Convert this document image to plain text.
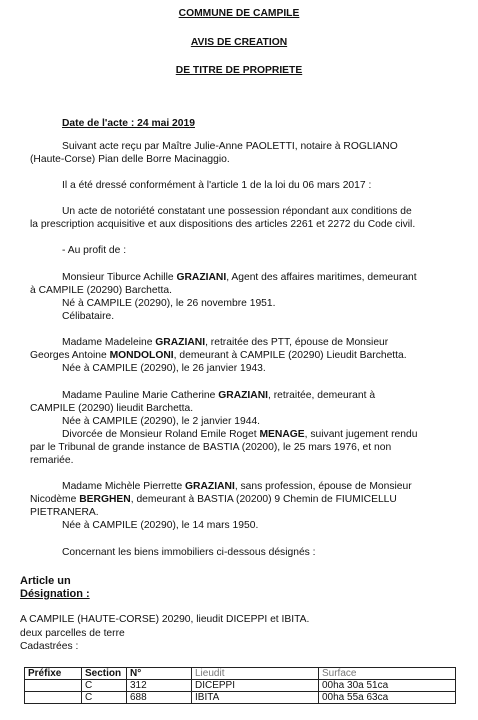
COMMUNE DE CAMPILE
AVIS DE CREATION
DE TITRE DE PROPRIETE
Date de l'acte : 24 mai 2019
Suivant acte reçu par Maître Julie-Anne PAOLETTI, notaire à ROGLIANO
(Haute-Corse) Pian delle Borre Macinaggio.
Il a été dressé conformément à l'article 1 de la loi du 06 mars 2017 :
Un acte de notoriété constatant une possession répondant aux conditions de
la prescription acquisitive et aux dispositions des articles 2261 et 2272 du Code civil.
- Au profit de :
Monsieur Tiburce Achille GRAZIANI, Agent des affaires maritimes, demeurant
à CAMPILE (20290) Barchetta.
Né à CAMPILE (20290), le 26 novembre 1951.
Célibataire.
Madame Madeleine GRAZIANI, retraitée des PTT, épouse de Monsieur
Georges Antoine MONDOLONI, demeurant à CAMPILE (20290) Lieudit Barchetta.
Née à CAMPILE (20290), le 26 janvier 1943.
Madame Pauline Marie Catherine GRAZIANI, retraitée, demeurant à
CAMPILE (20290) lieudit Barchetta.
Née à CAMPILE (20290), le 2 janvier 1944.
Divorcée de Monsieur Roland Emile Roget MENAGE, suivant jugement rendu
par le Tribunal de grande instance de BASTIA (20200), le 25 mars 1976, et non
remariée.
Madame Michèle Pierrette GRAZIANI, sans profession, épouse de Monsieur
Nicodème BERGHEN, demeurant à BASTIA (20200) 9 Chemin de FIUMICELLU
PIETRANERA.
Née à CAMPILE (20290), le 14 mars 1950.
Concernant les biens immobiliers ci-dessous désignés :
Article un
Désignation :
A CAMPILE (HAUTE-CORSE) 20290, lieudit DICEPPI et IBITA.
deux parcelles de terre
Cadastrées :
Préfixe	Section	N°	Lieudit	Surface
	C	312	DICEPPI	00ha 30a 51ca
	C	688	IBITA	00ha 55a 63ca
